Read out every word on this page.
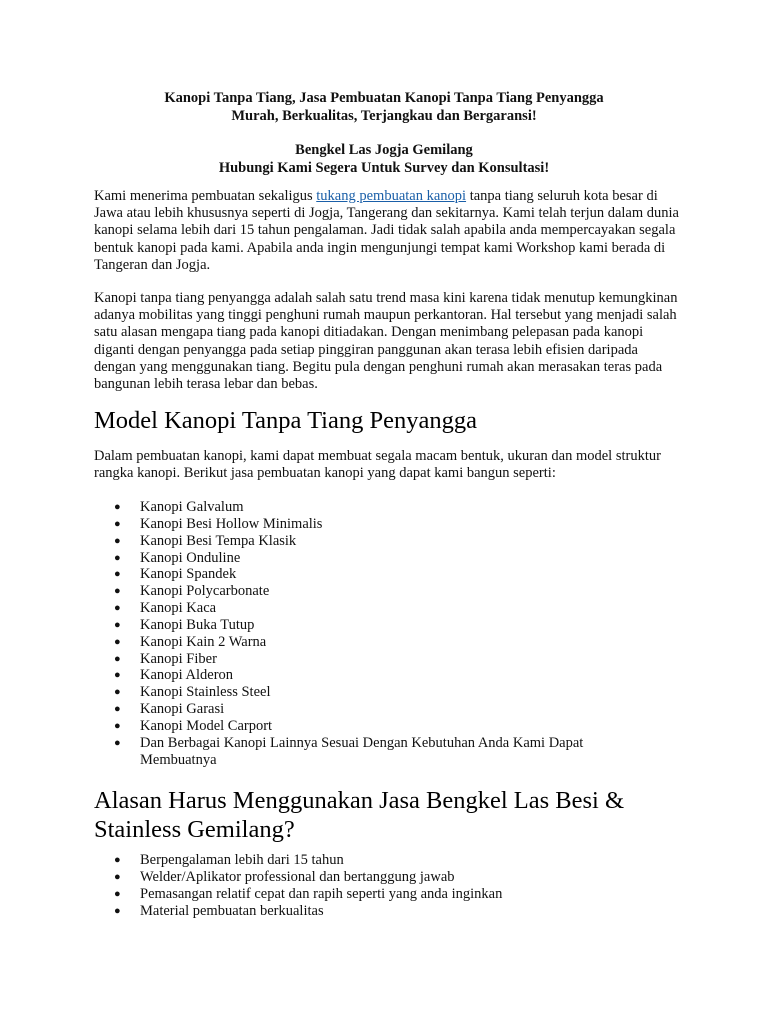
Kanopi Tanpa Tiang, Jasa Pembuatan Kanopi Tanpa Tiang Penyangga

Murah, Berkualitas, Terjangkau dan Bergaransi!

Bengkel Las Jogja Gemilang

Hubungi Kami Segera Untuk Survey dan Konsultasi!

Kami menerima pembuatan sekaligus tukang pembuatan kanopi tanpa tiang seluruh kota besar di Jawa atau lebih khususnya seperti di Jogja, Tangerang dan sekitarnya. Kami telah terjun dalam dunia kanopi selama lebih dari 15 tahun pengalaman. Jadi tidak salah apabila anda mempercayakan segala bentuk kanopi pada kami. Apabila anda ingin mengunjungi tempat kami Workshop kami berada di Tangeran dan Jogja.

Kanopi tanpa tiang penyangga adalah salah satu trend masa kini karena tidak menutup kemungkinan adanya mobilitas yang tinggi penghuni rumah maupun perkantoran. Hal tersebut yang menjadi salah satu alasan mengapa tiang pada kanopi ditiadakan. Dengan menimbang pelepasan pada kanopi diganti dengan penyangga pada setiap pinggiran panggunan akan terasa lebih efisien daripada dengan yang menggunakan tiang. Begitu pula dengan penghuni rumah akan merasakan teras pada bangunan lebih terasa lebar dan bebas.

Model Kanopi Tanpa Tiang Penyangga

Dalam pembuatan kanopi, kami dapat membuat segala macam bentuk, ukuran dan model struktur rangka kanopi. Berikut jasa pembuatan kanopi yang dapat kami bangun seperti:

● Kanopi Galvalum
● Kanopi Besi Hollow Minimalis
● Kanopi Besi Tempa Klasik
● Kanopi Onduline
● Kanopi Spandek
● Kanopi Polycarbonate
● Kanopi Kaca
● Kanopi Buka Tutup
● Kanopi Kain 2 Warna
● Kanopi Fiber
● Kanopi Alderon
● Kanopi Stainless Steel
● Kanopi Garasi
● Kanopi Model Carport
● Dan Berbagai Kanopi Lainnya Sesuai Dengan Kebutuhan Anda Kami Dapat Membuatnya
Alasan Harus Menggunakan Jasa Bengkel Las Besi & Stainless Gemilang?
● Berpengalaman lebih dari 15 tahun
● Welder/Aplikator professional dan bertanggung jawab
● Pemasangan relatif cepat dan rapih seperti yang anda inginkan
● Material pembuatan berkualitas
